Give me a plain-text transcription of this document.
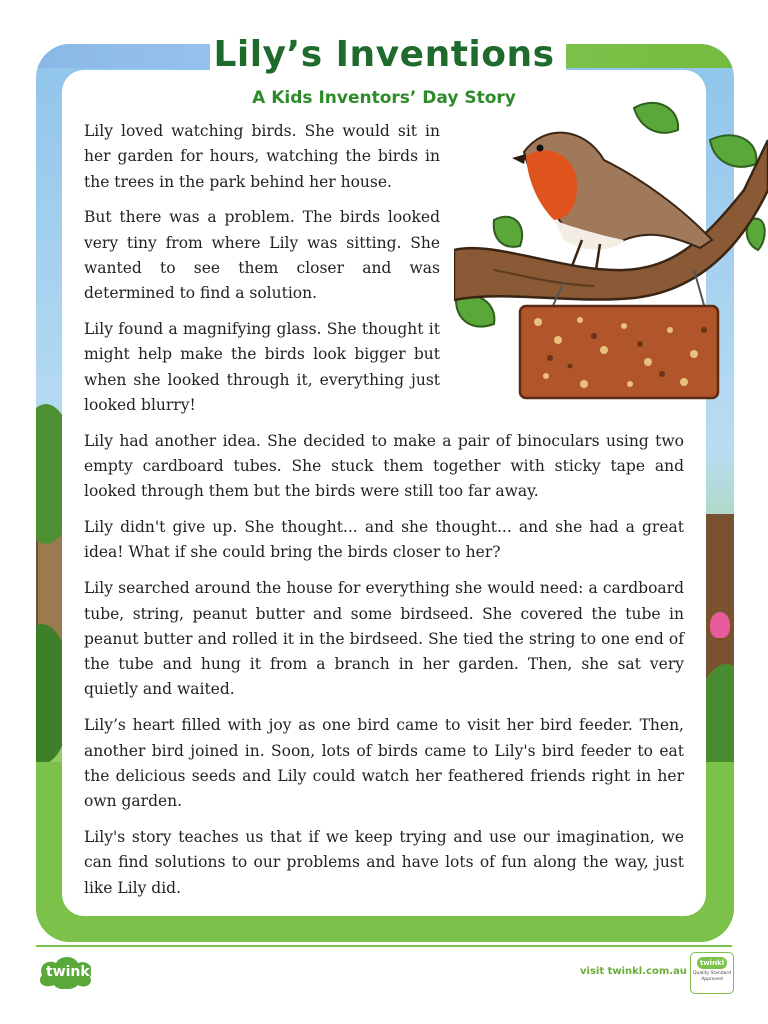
Lily’s Inventions
A Kids Inventors’ Day Story

Lily loved watching birds. She would sit in her garden for hours, watching the birds in the trees in the park behind her house.

But there was a problem. The birds looked very tiny from where Lily was sitting. She wanted to see them closer and was determined to find a solution.

Lily found a magnifying glass. She thought it might help make the birds look bigger but when she looked through it, everything just looked blurry!

Lily had another idea. She decided to make a pair of binoculars using two empty cardboard tubes. She stuck them together with sticky tape and looked through them but the birds were still too far away.

Lily didn't give up. She thought... and she thought... and she had a great idea! What if she could bring the birds closer to her?

Lily searched around the house for everything she would need: a cardboard tube, string, peanut butter and some birdseed. She covered the tube in peanut butter and rolled it in the birdseed. She tied the string to one end of the tube and hung it from a branch in her garden. Then, she sat very quietly and waited.

Lily’s heart filled with joy as one bird came to visit her bird feeder. Then, another bird joined in. Soon, lots of birds came to Lily's bird feeder to eat the delicious seeds and Lily could watch her feathered friends right in her own garden.

Lily's story teaches us that if we keep trying and use our imagination, we can find solutions to our problems and have lots of fun along the way, just like Lily did.

twinkl	visit twinkl.com.au
twinkl
Quality Standard Approved
